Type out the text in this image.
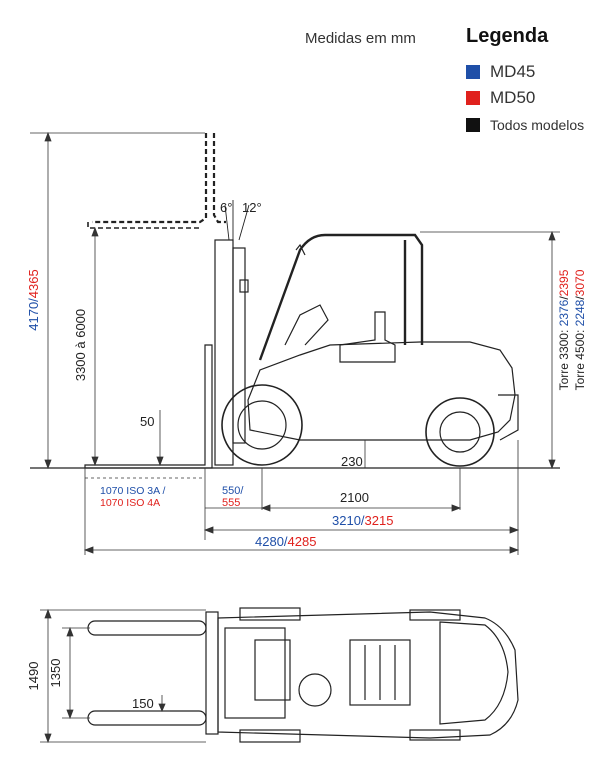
Medidas em mm	Legenda
MD45
MD50
Todos modelos
4170/4365
3300 à 6000
50
6° 12°
230
1070 ISO 3A /
1070 ISO 4A
550/
555	2100
3210/3215
4280/4285
Torre 3300: 2376/2395
Torre 4500: 2248/3070
1490 1350
150
